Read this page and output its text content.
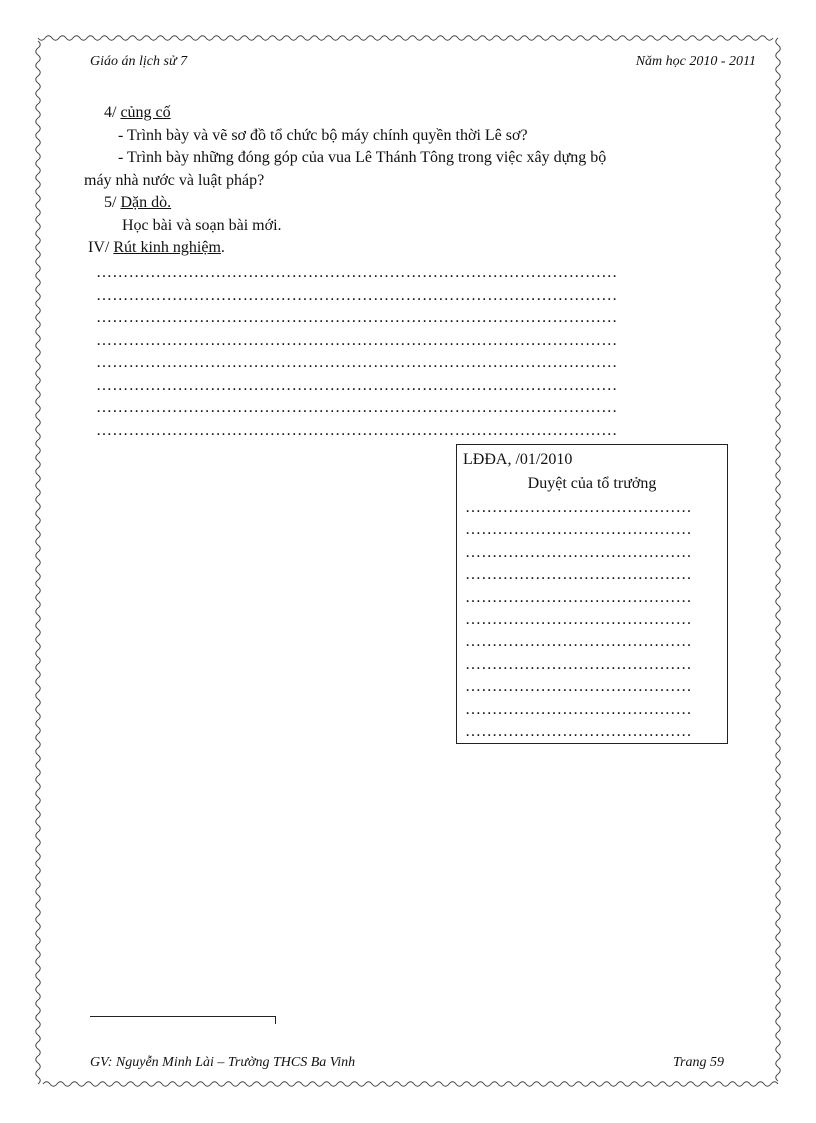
Giáo án lịch sử 7	Năm học 2010 - 2011
4/ củng cố
- Trình bày và vẽ sơ đồ tổ chức bộ máy chính quyền thời Lê sơ?
- Trình bày những đóng góp của vua Lê Thánh Tông trong việc xây dựng bộ
máy nhà nước và luật pháp?
5/ Dặn dò.
Học bài và soạn bài mới.
IV/ Rút kinh nghiệm.
……………………………………………………………………………………
……………………………………………………………………………………
……………………………………………………………………………………
……………………………………………………………………………………
……………………………………………………………………………………
……………………………………………………………………………………
……………………………………………………………………………………
……………………………………………………………………………………
LĐĐA, /01/2010
Duyệt của tổ trưởng
……………………………………
……………………………………
……………………………………
……………………………………
……………………………………
……………………………………
……………………………………
……………………………………
……………………………………
……………………………………
……………………………………
GV: Nguyễn Minh Lài – Trường THCS Ba Vinh	Trang 59
